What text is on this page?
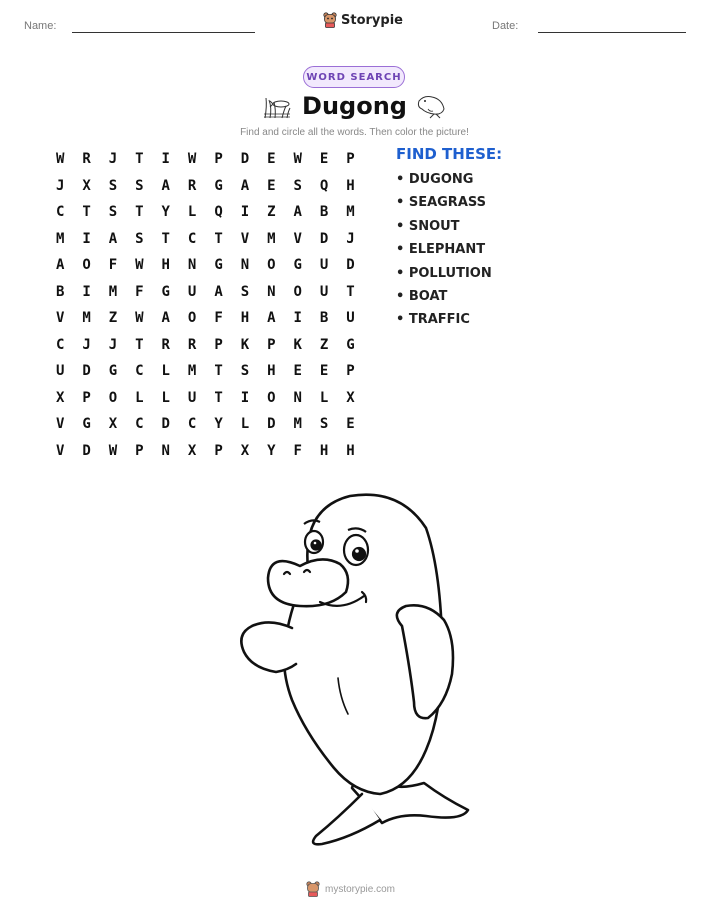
Name:	Storypie	Date:
WORD SEARCH
Dugong
Find and circle all the words. Then color the picture!
W	R	J	T	I	W	P	D	E	W	E	P
J	X	S	S	A	R	G	A	E	S	Q	H
C	T	S	T	Y	L	Q	I	Z	A	B	M
M	I	A	S	T	C	T	V	M	V	D	J
A	O	F	W	H	N	G	N	O	G	U	D
B	I	M	F	G	U	A	S	N	O	U	T
V	M	Z	W	A	O	F	H	A	I	B	U
C	J	J	T	R	R	P	K	P	K	Z	G
U	D	G	C	L	M	T	S	H	E	E	P
X	P	O	L	L	U	T	I	O	N	L	X
V	G	X	C	D	C	Y	L	D	M	S	E
V	D	W	P	N	X	P	X	Y	F	H	H
FIND THESE:
• DUGONG
• SEAGRASS
• SNOUT
• ELEPHANT
• POLLUTION
• BOAT
• TRAFFIC
mystorypie.com
